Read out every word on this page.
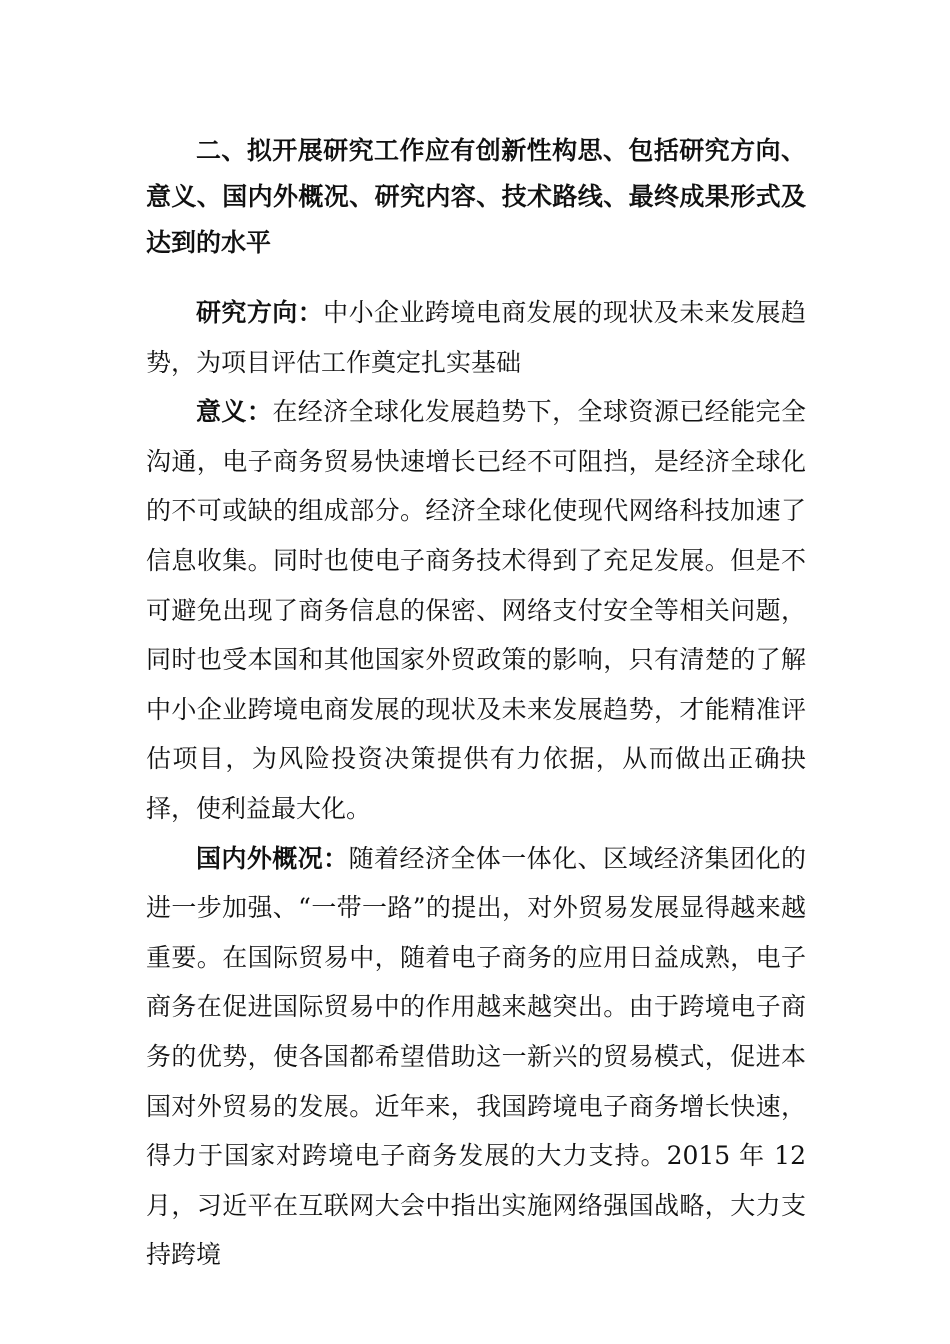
二、拟开展研究工作应有创新性构思、包括研究方向、意义、国内外概况、研究内容、技术路线、最终成果形式及达到的水平

研究方向：中小企业跨境电商发展的现状及未来发展趋势，为项目评估工作奠定扎实基础

意义：在经济全球化发展趋势下，全球资源已经能完全沟通，电子商务贸易快速增长已经不可阻挡，是经济全球化的不可或缺的组成部分。经济全球化使现代网络科技加速了信息收集。同时也使电子商务技术得到了充足发展。但是不可避免出现了商务信息的保密、网络支付安全等相关问题，同时也受本国和其他国家外贸政策的影响，只有清楚的了解中小企业跨境电商发展的现状及未来发展趋势，才能精准评估项目，为风险投资决策提供有力依据，从而做出正确抉择，使利益最大化。

国内外概况：随着经济全体一体化、区域经济集团化的进一步加强、“一带一路”的提出，对外贸易发展显得越来越重要。在国际贸易中，随着电子商务的应用日益成熟，电子商务在促进国际贸易中的作用越来越突出。由于跨境电子商务的优势，使各国都希望借助这一新兴的贸易模式，促进本国对外贸易的发展。近年来，我国跨境电子商务增长快速，得力于国家对跨境电子商务发展的大力支持。2015 年 12 月，习近平在互联网大会中指出实施网络强国战略，大力支持跨境
